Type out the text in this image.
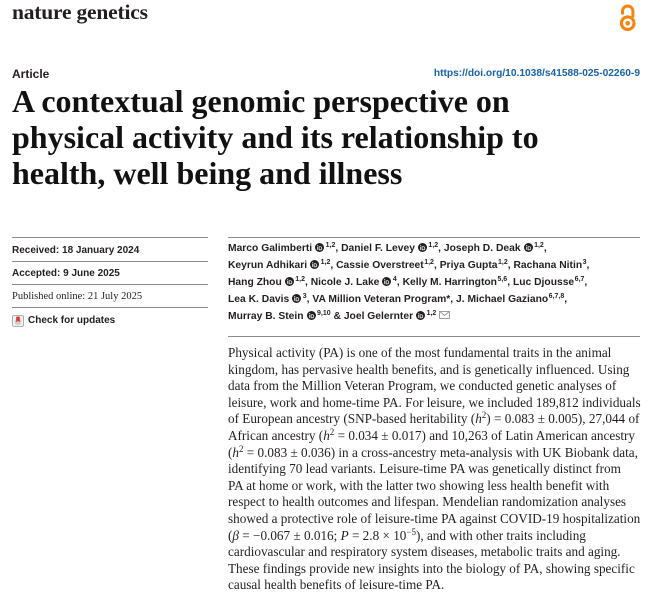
nature genetics
Article	https://doi.org/10.1038/s41588-025-02260-9
A contextual genomic perspective on
physical activity and its relationship to
health, well being and illness
Received: 18 January 2024
Accepted: 9 June 2025
Published online: 21 July 2025
Check for updates
Marco Galimberti $^{1,2}$, Daniel F. Levey $^{1,2}$, Joseph D. Deak $^{1,2}$,
Keyrun Adhikari $^{1,2}$, Cassie Overstreet$^{1,2}$, Priya Gupta$^{1,2}$, Rachana Nitin$^3$,
Hang Zhou $^{1,2}$, Nicole J. Lake $^4$, Kelly M. Harrington$^{5,6}$, Luc Djousse$^{6,7}$,
Lea K. Davis $^3$, VA Million Veteran Program*, J. Michael Gaziano$^{6,7,8}$,
Murray B. Stein $^{9,10}$ & Joel Gelernter $^{1,2}$
Physical activity (PA) is one of the most fundamental traits in the animal
kingdom, has pervasive health benefits, and is genetically influenced. Using
data from the Million Veteran Program, we conducted genetic analyses of
leisure, work and home-time PA. For leisure, we included 189,812 individuals
of European ancestry (SNP-based heritability $(h^2) = 0.083 \pm 0.005$), 27,044 of
African ancestry $(h^2 = 0.034 \pm 0.017)$ and 10,263 of Latin American ancestry
$(h^2 = 0.083 \pm 0.036)$ in a cross-ancestry meta-analysis with UK Biobank data,
identifying 70 lead variants. Leisure-time PA was genetically distinct from
PA at home or work, with the latter two showing less health benefit with
respect to health outcomes and lifespan. Mendelian randomization analyses
showed a protective role of leisure-time PA against COVID-19 hospitalization
(β = −0.067 ± 0.016; $P = 2.8 \times 10^{-5}$), and with other traits including
cardiovascular and respiratory system diseases, metabolic traits and aging.
These findings provide new insights into the biology of PA, showing specific
causal health benefits of leisure-time PA.
